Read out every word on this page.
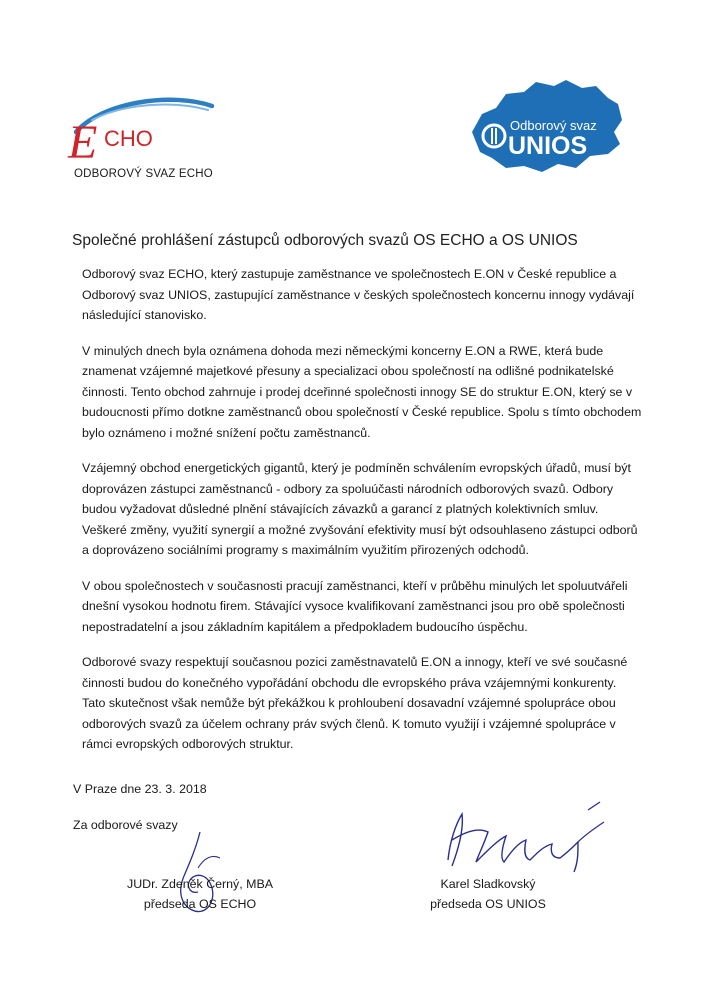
E CHO
ODBOROVÝ SVAZ ECHO
Odborový svaz
UNIOS
Společné prohlášení zástupců odborových svazů OS ECHO a OS UNIOS

Odborový svaz ECHO, který zastupuje zaměstnance ve společnostech E.ON v České republice a Odborový svaz UNIOS, zastupující zaměstnance v českých společnostech koncernu innogy vydávají následující stanovisko.

V minulých dnech byla oznámena dohoda mezi německými koncerny E.ON a RWE, která bude znamenat vzájemné majetkové přesuny a specializaci obou společností na odlišné podnikatelské činnosti. Tento obchod zahrnuje i prodej dceřinné společnosti innogy SE do struktur E.ON, který se v budoucnosti přímo dotkne zaměstnanců obou společností v České republice. Spolu s tímto obchodem bylo oznámeno i možné snížení počtu zaměstnanců.

Vzájemný obchod energetických gigantů, který je podmíněn schválením evropských úřadů, musí být doprovázen zástupci zaměstnanců - odbory za spoluúčasti národních odborových svazů. Odbory budou vyžadovat důsledné plnění stávajících závazků a garancí z platných kolektivních smluv. Veškeré změny, využití synergií a možné zvyšování efektivity musí být odsouhlaseno zástupci odborů a doprovázeno sociálními programy s maximálním využitím přirozených odchodů.

V obou společnostech v současnosti pracují zaměstnanci, kteří v průběhu minulých let spoluutvářeli dnešní vysokou hodnotu firem. Stávající vysoce kvalifikovaní zaměstnanci jsou pro obě společnosti nepostradatelní a jsou základním kapitálem a předpokladem budoucího úspěchu.

Odborové svazy respektují současnou pozici zaměstnavatelů E.ON a innogy, kteří ve své současné činnosti budou do konečného vypořádání obchodu dle evropského práva vzájemnými konkurenty. Tato skutečnost však nemůže být překážkou k prohloubení dosavadní vzájemné spolupráce obou odborových svazů za účelem ochrany práv svých členů. K tomuto využijí i vzájemné spolupráce v rámci evropských odborových struktur.

V Praze dne 23. 3. 2018
Za odborové svazy
JUDr. Zdeněk Černý, MBA
předseda OS ECHO
Karel Sladkovský
předseda OS UNIOS
